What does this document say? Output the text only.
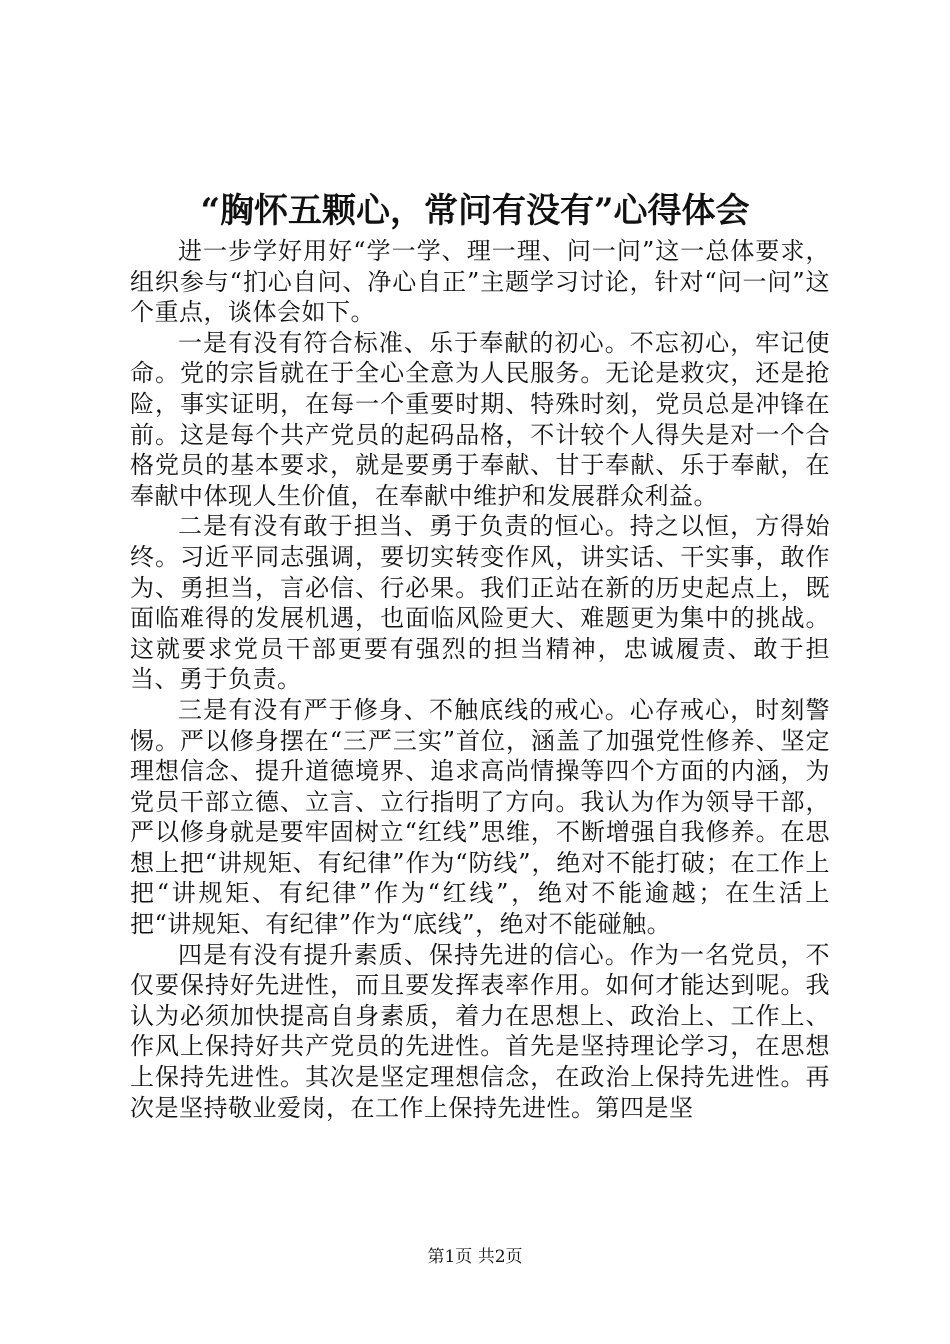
“胸怀五颗心，常问有没有”心得体会

进一步学好用好“学一学、理一理、问一问”这一总体要求，组织参与“扪心自问、净心自正”主题学习讨论，针对“问一问”这个重点，谈体会如下。

一是有没有符合标准、乐于奉献的初心。不忘初心，牢记使命。党的宗旨就在于全心全意为人民服务。无论是救灾，还是抢险，事实证明，在每一个重要时期、特殊时刻，党员总是冲锋在前。这是每个共产党员的起码品格，不计较个人得失是对一个合格党员的基本要求，就是要勇于奉献、甘于奉献、乐于奉献，在奉献中体现人生价值，在奉献中维护和发展群众利益。

二是有没有敢于担当、勇于负责的恒心。持之以恒，方得始终。习近平同志强调，要切实转变作风，讲实话、干实事，敢作为、勇担当，言必信、行必果。我们正站在新的历史起点上，既面临难得的发展机遇，也面临风险更大、难题更为集中的挑战。这就要求党员干部更要有强烈的担当精神，忠诚履责、敢于担当、勇于负责。

三是有没有严于修身、不触底线的戒心。心存戒心，时刻警惕。严以修身摆在“三严三实”首位，涵盖了加强党性修养、坚定理想信念、提升道德境界、追求高尚情操等四个方面的内涵，为党员干部立德、立言、立行指明了方向。我认为作为领导干部，严以修身就是要牢固树立“红线”思维，不断增强自我修养。在思想上把“讲规矩、有纪律”作为“防线”，绝对不能打破；在工作上把“讲规矩、有纪律”作为“红线”，绝对不能逾越；在生活上把“讲规矩、有纪律”作为“底线”，绝对不能碰触。

四是有没有提升素质、保持先进的信心。作为一名党员，不仅要保持好先进性，而且要发挥表率作用。如何才能达到呢。我认为必须加快提高自身素质，着力在思想上、政治上、工作上、作风上保持好共产党员的先进性。首先是坚持理论学习，在思想上保持先进性。其次是坚定理想信念，在政治上保持先进性。再次是坚持敬业爱岗，在工作上保持先进性。第四是坚

第1页 共2页
